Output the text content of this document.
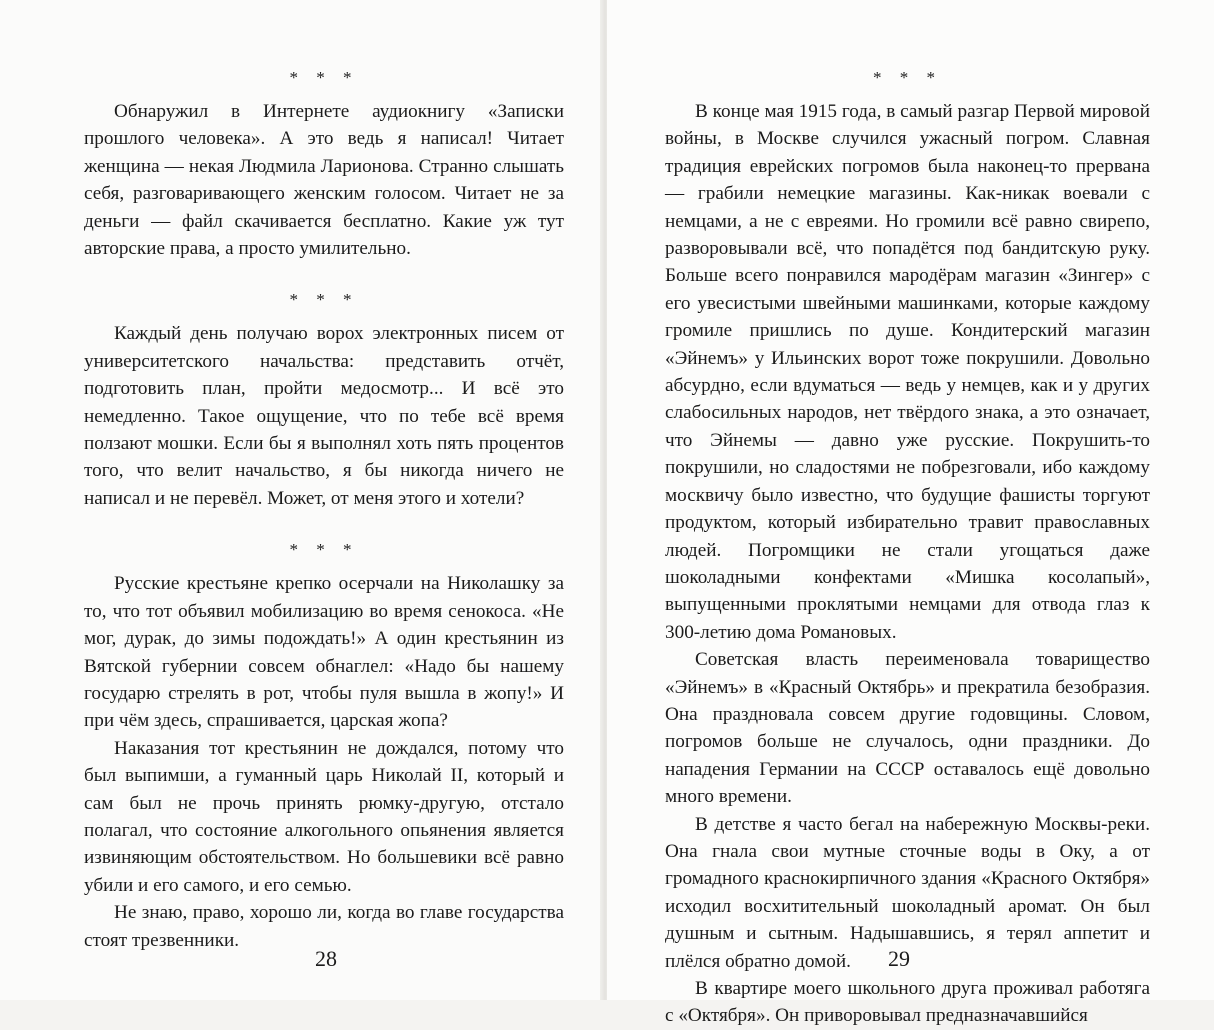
* * *

Обнаружил в Интернете аудиокнигу «Записки прошлого человека». А это ведь я написал! Читает женщина — некая Людмила Ларионова. Странно слышать себя, разговаривающего женским голосом. Читает не за деньги — файл скачивается бесплатно. Какие уж тут авторские права, а просто умилительно.

* * *

Каждый день получаю ворох электронных писем от университетского начальства: представить отчёт, подготовить план, пройти медосмотр... И всё это немедленно. Такое ощущение, что по тебе всё время ползают мошки. Если бы я выполнял хоть пять процентов того, что велит начальство, я бы никогда ничего не написал и не перевёл. Может, от меня этого и хотели?

* * *

Русские крестьяне крепко осерчали на Николашку за то, что тот объявил мобилизацию во время сенокоса. «Не мог, дурак, до зимы подождать!» А один крестьянин из Вятской губернии совсем обнаглел: «Надо бы нашему государю стрелять в рот, чтобы пуля вышла в жопу!» И при чём здесь, спрашивается, царская жопа?

Наказания тот крестьянин не дождался, потому что был выпимши, а гуманный царь Николай II, который и сам был не прочь принять рюмку-другую, отстало полагал, что состояние алкогольного опьянения является извиняющим обстоятельством. Но большевики всё равно убили и его самого, и его семью.

Не знаю, право, хорошо ли, когда во главе государства стоят трезвенники.

28
* * *

В конце мая 1915 года, в самый разгар Первой мировой войны, в Москве случился ужасный погром. Славная традиция еврейских погромов была наконец-то прервана — грабили немецкие магазины. Как-никак воевали с немцами, а не с евреями. Но громили всё равно свирепо, разворовывали всё, что попадётся под бандитскую руку. Больше всего понравился мародёрам магазин «Зингер» с его увесистыми швейными машинками, которые каждому громиле пришлись по душе. Кондитерский магазин «Эйнемъ» у Ильинских ворот тоже покрушили. Довольно абсурдно, если вдуматься — ведь у немцев, как и у других слабосильных народов, нет твёрдого знака, а это означает, что Эйнемы — давно уже русские. Покрушить-то покрушили, но сладостями не побрезговали, ибо каждому москвичу было известно, что будущие фашисты торгуют продуктом, который избирательно травит православных людей. Погромщики не стали угощаться даже шоколадными конфектами «Мишка косолапый», выпущенными проклятыми немцами для отвода глаз к 300-летию дома Романовых.

Советская власть переименовала товарищество «Эйнемъ» в «Красный Октябрь» и прекратила безобразия. Она праздновала совсем другие годовщины. Словом, погромов больше не случалось, одни праздники. До нападения Германии на СССР оставалось ещё довольно много времени.

В детстве я часто бегал на набережную Москвы-реки. Она гнала свои мутные сточные воды в Оку, а от громадного краснокирпичного здания «Красного Октября» исходил восхитительный шоколадный аромат. Он был душным и сытным. Надышавшись, я терял аппетит и плёлся обратно домой.

В квартире моего школьного друга проживал работяга с «Октября». Он приворовывал предназначавшийся

29
